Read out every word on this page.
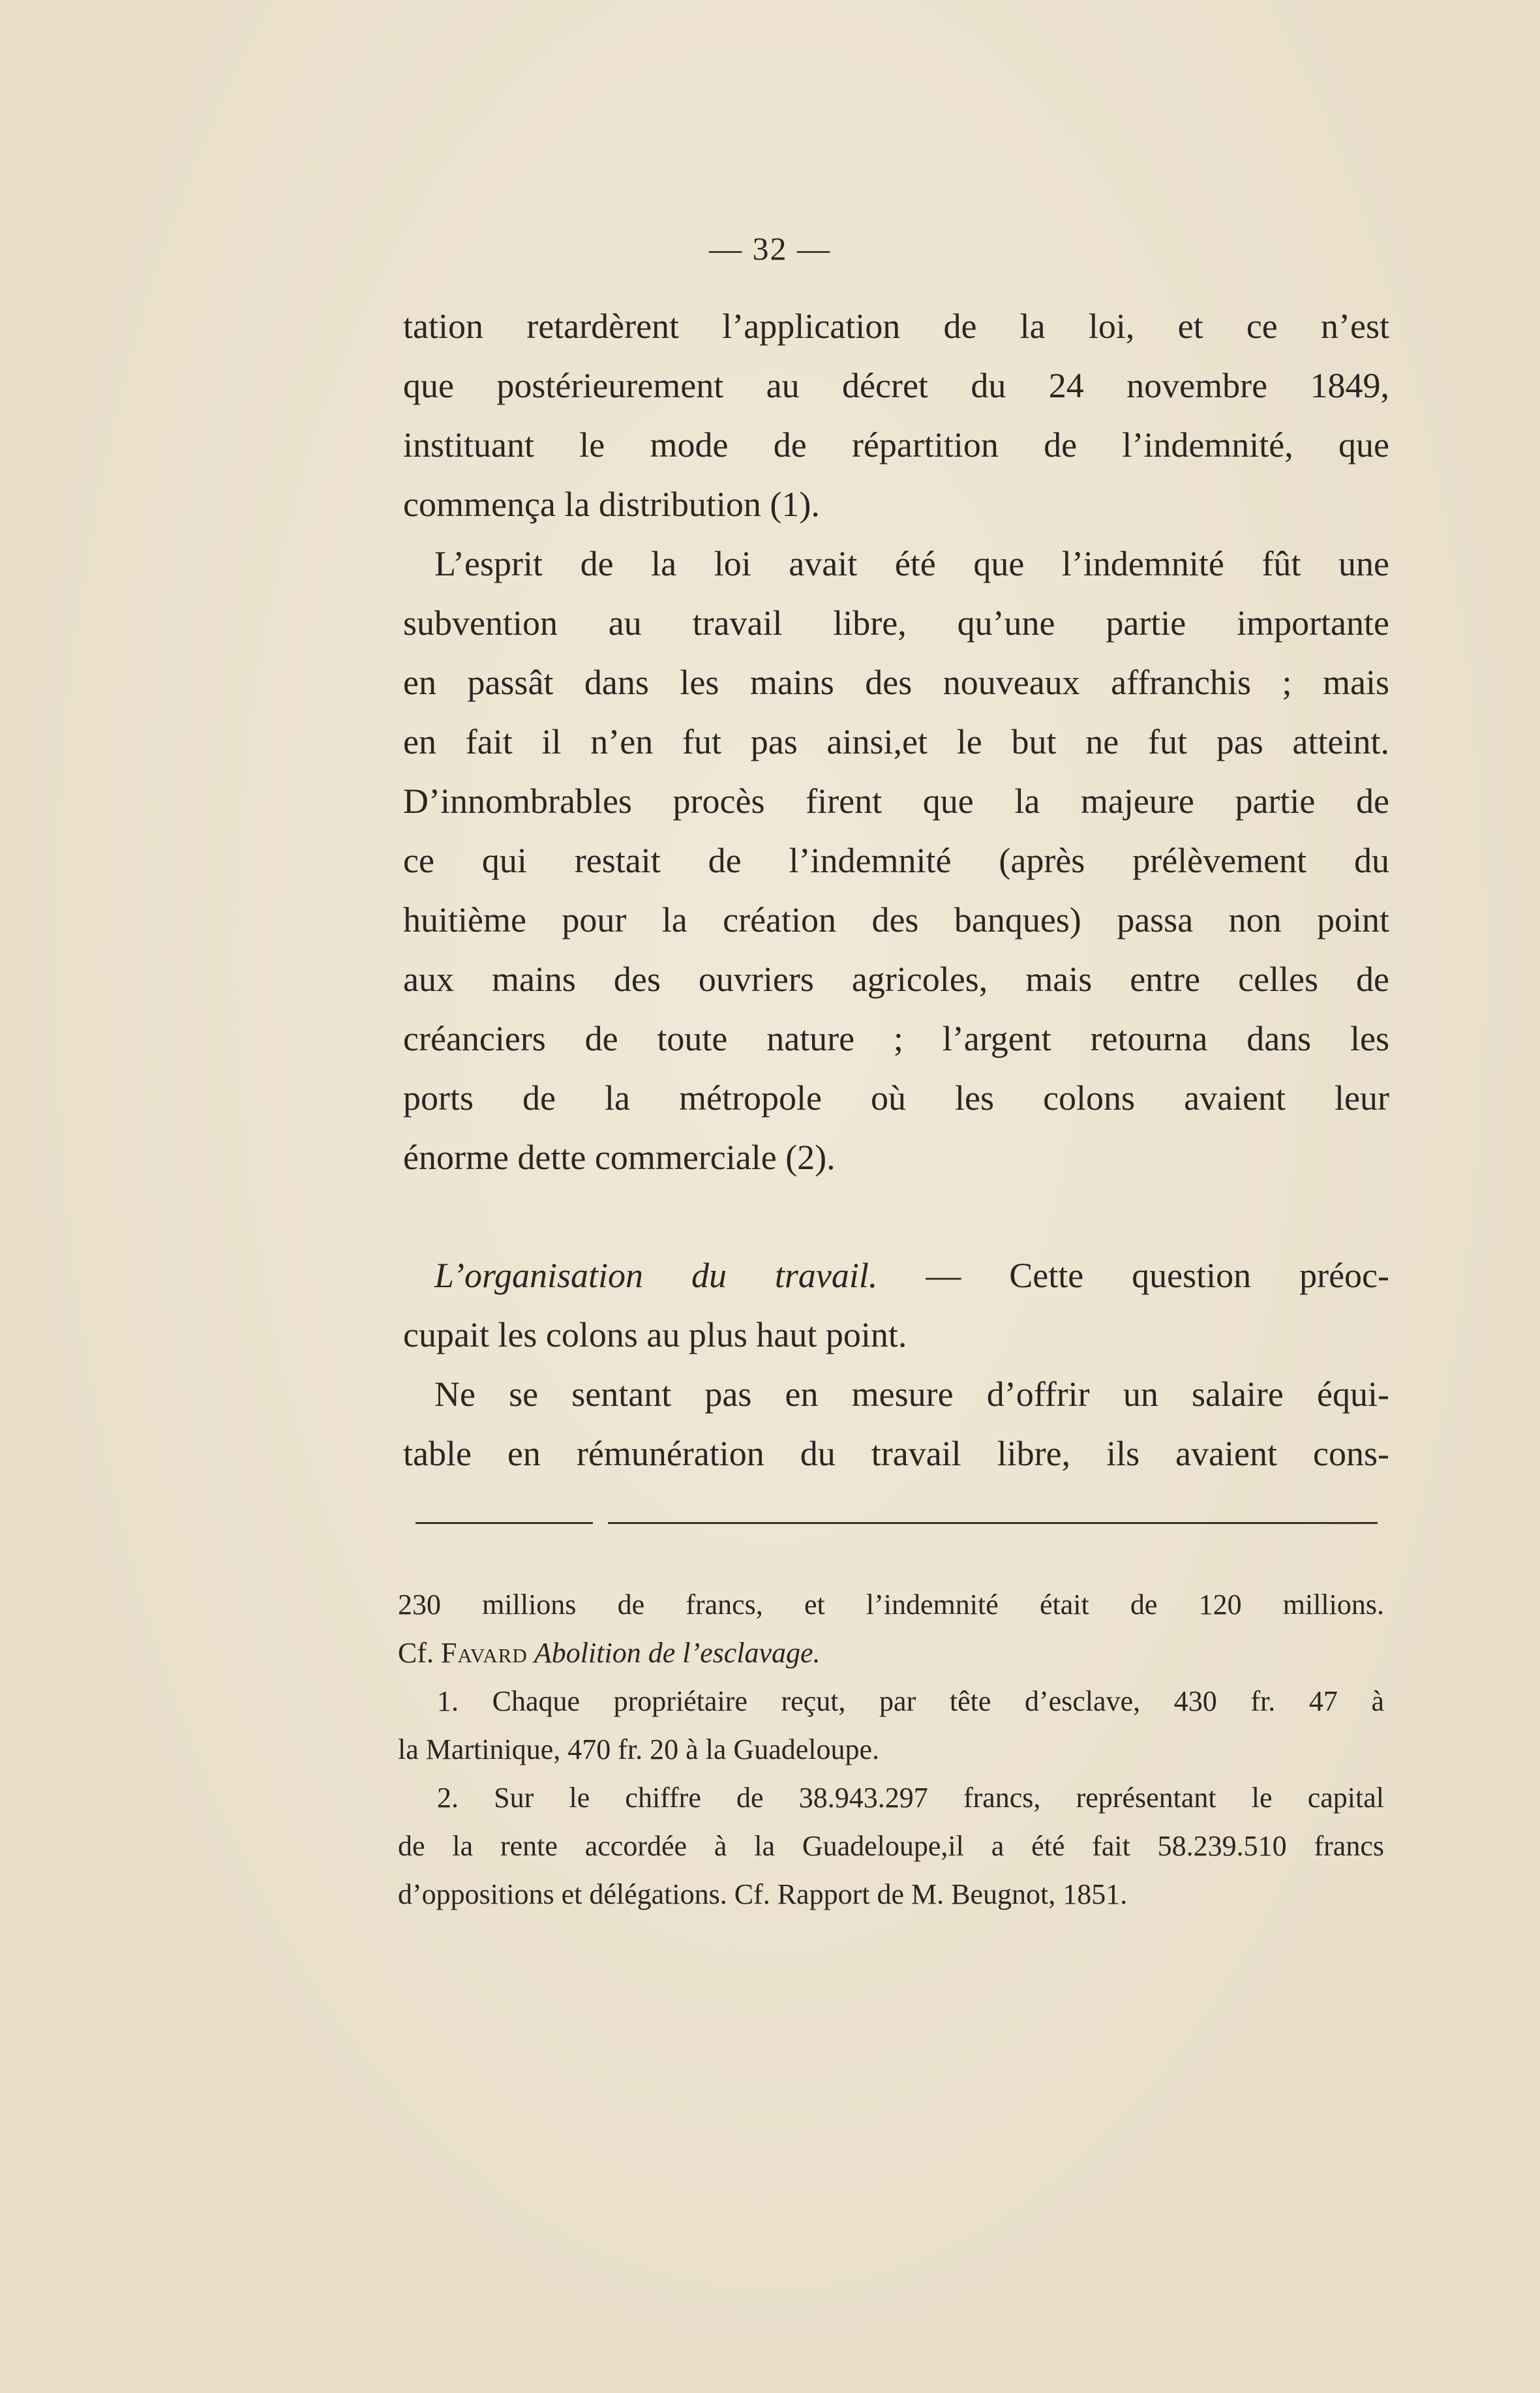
— 32 —
tation retardèrent l’application de la loi, et ce n’est
que postérieurement au décret du 24 novembre 1849,
instituant le mode de répartition de l’indemnité, que
commença la distribution (1).
L’esprit de la loi avait été que l’indemnité fût une
subvention au travail libre, qu’une partie importante
en passât dans les mains des nouveaux affranchis ; mais
en fait il n’en fut pas ainsi,et le but ne fut pas atteint.
D’innombrables procès firent que la majeure partie de
ce qui restait de l’indemnité (après prélèvement du
huitième pour la création des banques) passa non point
aux mains des ouvriers agricoles, mais entre celles de
créanciers de toute nature ; l’argent retourna dans les
ports de la métropole où les colons avaient leur
énorme dette commerciale (2).
L’organisation du travail. — Cette question préoc-
cupait les colons au plus haut point.
Ne se sentant pas en mesure d’offrir un salaire équi-
table en rémunération du travail libre, ils avaient cons-
230 millions de francs, et l’indemnité était de 120 millions.
Cf. Favard Abolition de l’esclavage.
1. Chaque propriétaire reçut, par tête d’esclave, 430 fr. 47 à
la Martinique, 470 fr. 20 à la Guadeloupe.
2. Sur le chiffre de 38.943.297 francs, représentant le capital
de la rente accordée à la Guadeloupe,il a été fait 58.239.510 francs
d’oppositions et délégations. Cf. Rapport de M. Beugnot, 1851.
